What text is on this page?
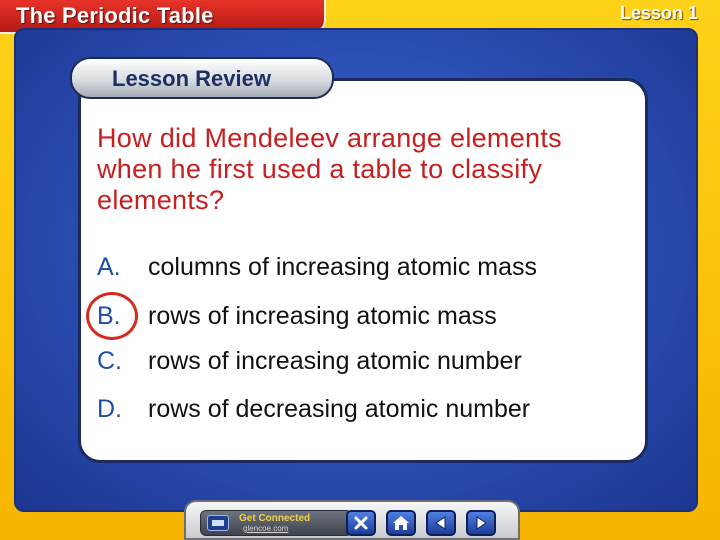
The Periodic Table	Lesson 1
Lesson Review
How did Mendeleev arrange elements when he first used a table to classify elements?
A. columns of increasing atomic mass
B. rows of increasing atomic mass
C. rows of increasing atomic number
D. rows of decreasing atomic number
Get Connected
glencoe.com
